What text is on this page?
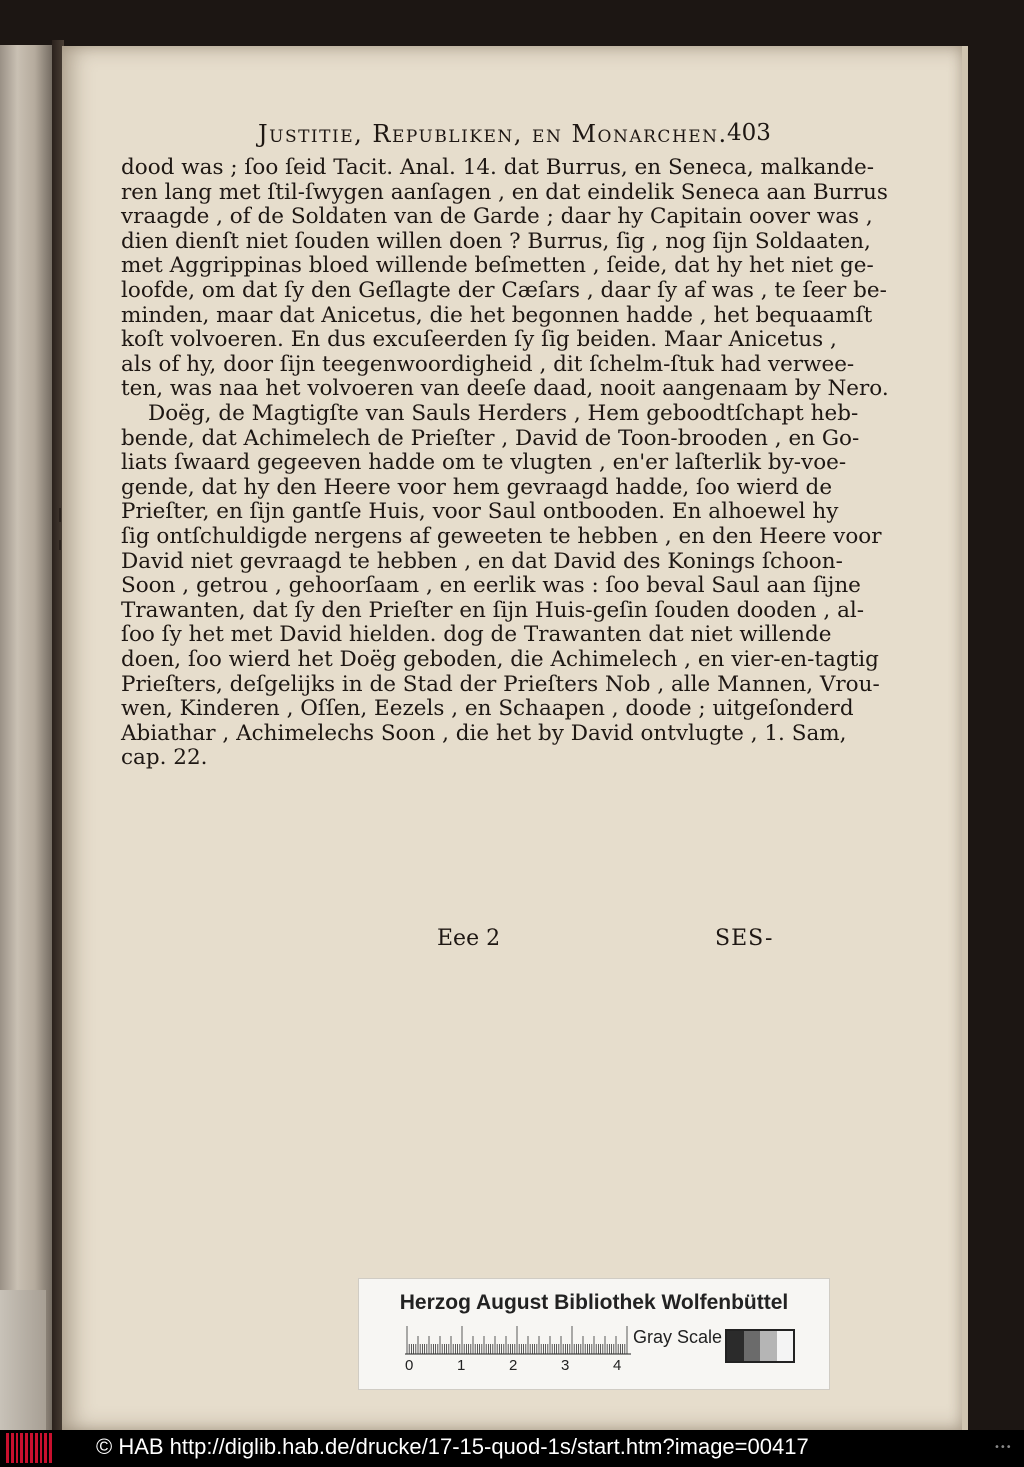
Justitie, Republiken, en Monarchen. 403
dood was ; ſoo ſeid Tacit. Anal. 14. dat Burrus, en Seneca, malkande-
ren lang met ſtil-ſwygen aanſagen , en dat eindelik Seneca aan Burrus
vraagde , of de Soldaten van de Garde ; daar hy Capitain oover was ,
dien dienſt niet ſouden willen doen ? Burrus, ſig , nog ſijn Soldaaten,
met Aggrippinas bloed willende beſmetten , ſeide, dat hy het niet ge-
loofde, om dat ſy den Geſlagte der Cæſars , daar ſy af was , te ſeer be-
minden, maar dat Anicetus, die het begonnen hadde , het bequaamſt
koſt volvoeren. En dus excuſeerden ſy ſig beiden. Maar Anicetus ,
als of hy, door ſijn teegenwoordigheid , dit ſchelm-ſtuk had verwee-
ten, was naa het volvoeren van deeſe daad, nooit aangenaam by Nero.
Doëg, de Magtigſte van Sauls Herders , Hem geboodtſchapt heb-
bende, dat Achimelech de Prieſter , David de Toon-brooden , en Go-
liats ſwaard gegeeven hadde om te vlugten , en'er laſterlik by-voe-
gende, dat hy den Heere voor hem gevraagd hadde, ſoo wierd de
Prieſter, en ſijn gantſe Huis, voor Saul ontbooden. En alhoewel hy
ſig ontſchuldigde nergens af geweeten te hebben , en den Heere voor
David niet gevraagd te hebben , en dat David des Konings ſchoon-
Soon , getrou , gehoorſaam , en eerlik was : ſoo beval Saul aan ſijne
Trawanten, dat ſy den Prieſter en ſijn Huis-geſin ſouden dooden , al-
ſoo ſy het met David hielden. dog de Trawanten dat niet willende
doen, ſoo wierd het Doëg geboden, die Achimelech , en vier-en-tagtig
Prieſters, deſgelijks in de Stad der Prieſters Nob , alle Mannen, Vrou-
wen, Kinderen , Oſſen, Eezels , en Schaapen , doode ; uitgeſonderd
Abiathar , Achimelechs Soon , die het by David ontvlugte , 1. Sam,
cap. 22.
Eee 2	SES-
Herzog August Bibliothek Wolfenbüttel
0	1	2	3	4
Gray Scale
© HAB http://diglib.hab.de/drucke/17-15-quod-1s/start.htm?image=00417	•••
